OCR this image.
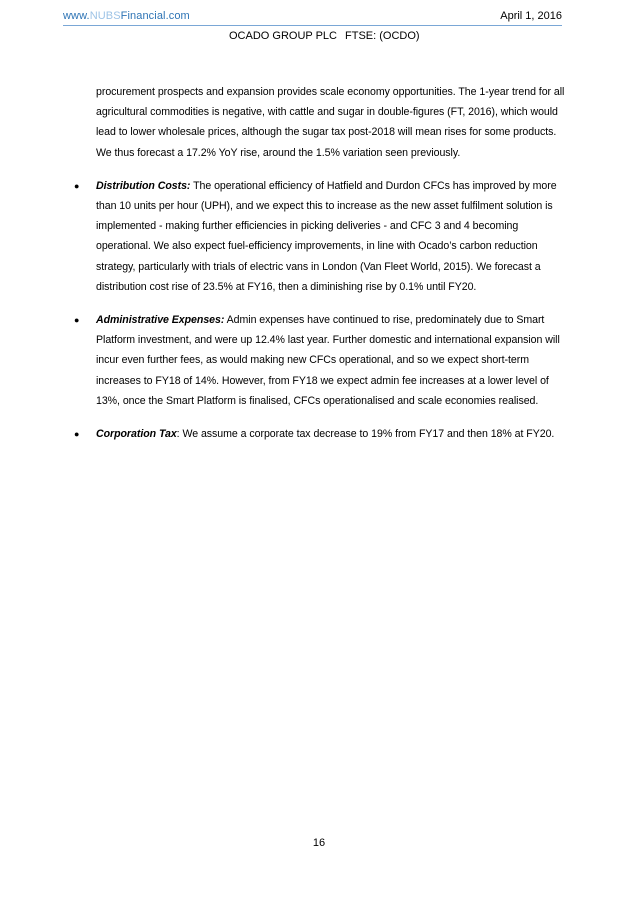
www.NUBSFinancial.com	April 1, 2016
OCADO GROUP PLC FTSE: (OCDO)

procurement prospects and expansion provides scale economy opportunities. The 1-year trend for all agricultural commodities is negative, with cattle and sugar in double-figures (FT, 2016), which would lead to lower wholesale prices, although the sugar tax post-2018 will mean rises for some products. We thus forecast a 17.2% YoY rise, around the 1.5% variation seen previously.

● Distribution Costs: The operational efficiency of Hatfield and Durdon CFCs has improved by more than 10 units per hour (UPH), and we expect this to increase as the new asset fulfilment solution is implemented - making further efficiencies in picking deliveries - and CFC 3 and 4 becoming operational. We also expect fuel-efficiency improvements, in line with Ocado’s carbon reduction strategy, particularly with trials of electric vans in London (Van Fleet World, 2015). We forecast a distribution cost rise of 23.5% at FY16, then a diminishing rise by 0.1% until FY20.

● Administrative Expenses: Admin expenses have continued to rise, predominately due to Smart Platform investment, and were up 12.4% last year. Further domestic and international expansion will incur even further fees, as would making new CFCs operational, and so we expect short-term increases to FY18 of 14%. However, from FY18 we expect admin fee increases at a lower level of 13%, once the Smart Platform is finalised, CFCs operationalised and scale economies realised.

● Corporation Tax: We assume a corporate tax decrease to 19% from FY17 and then 18% at FY20.

16
